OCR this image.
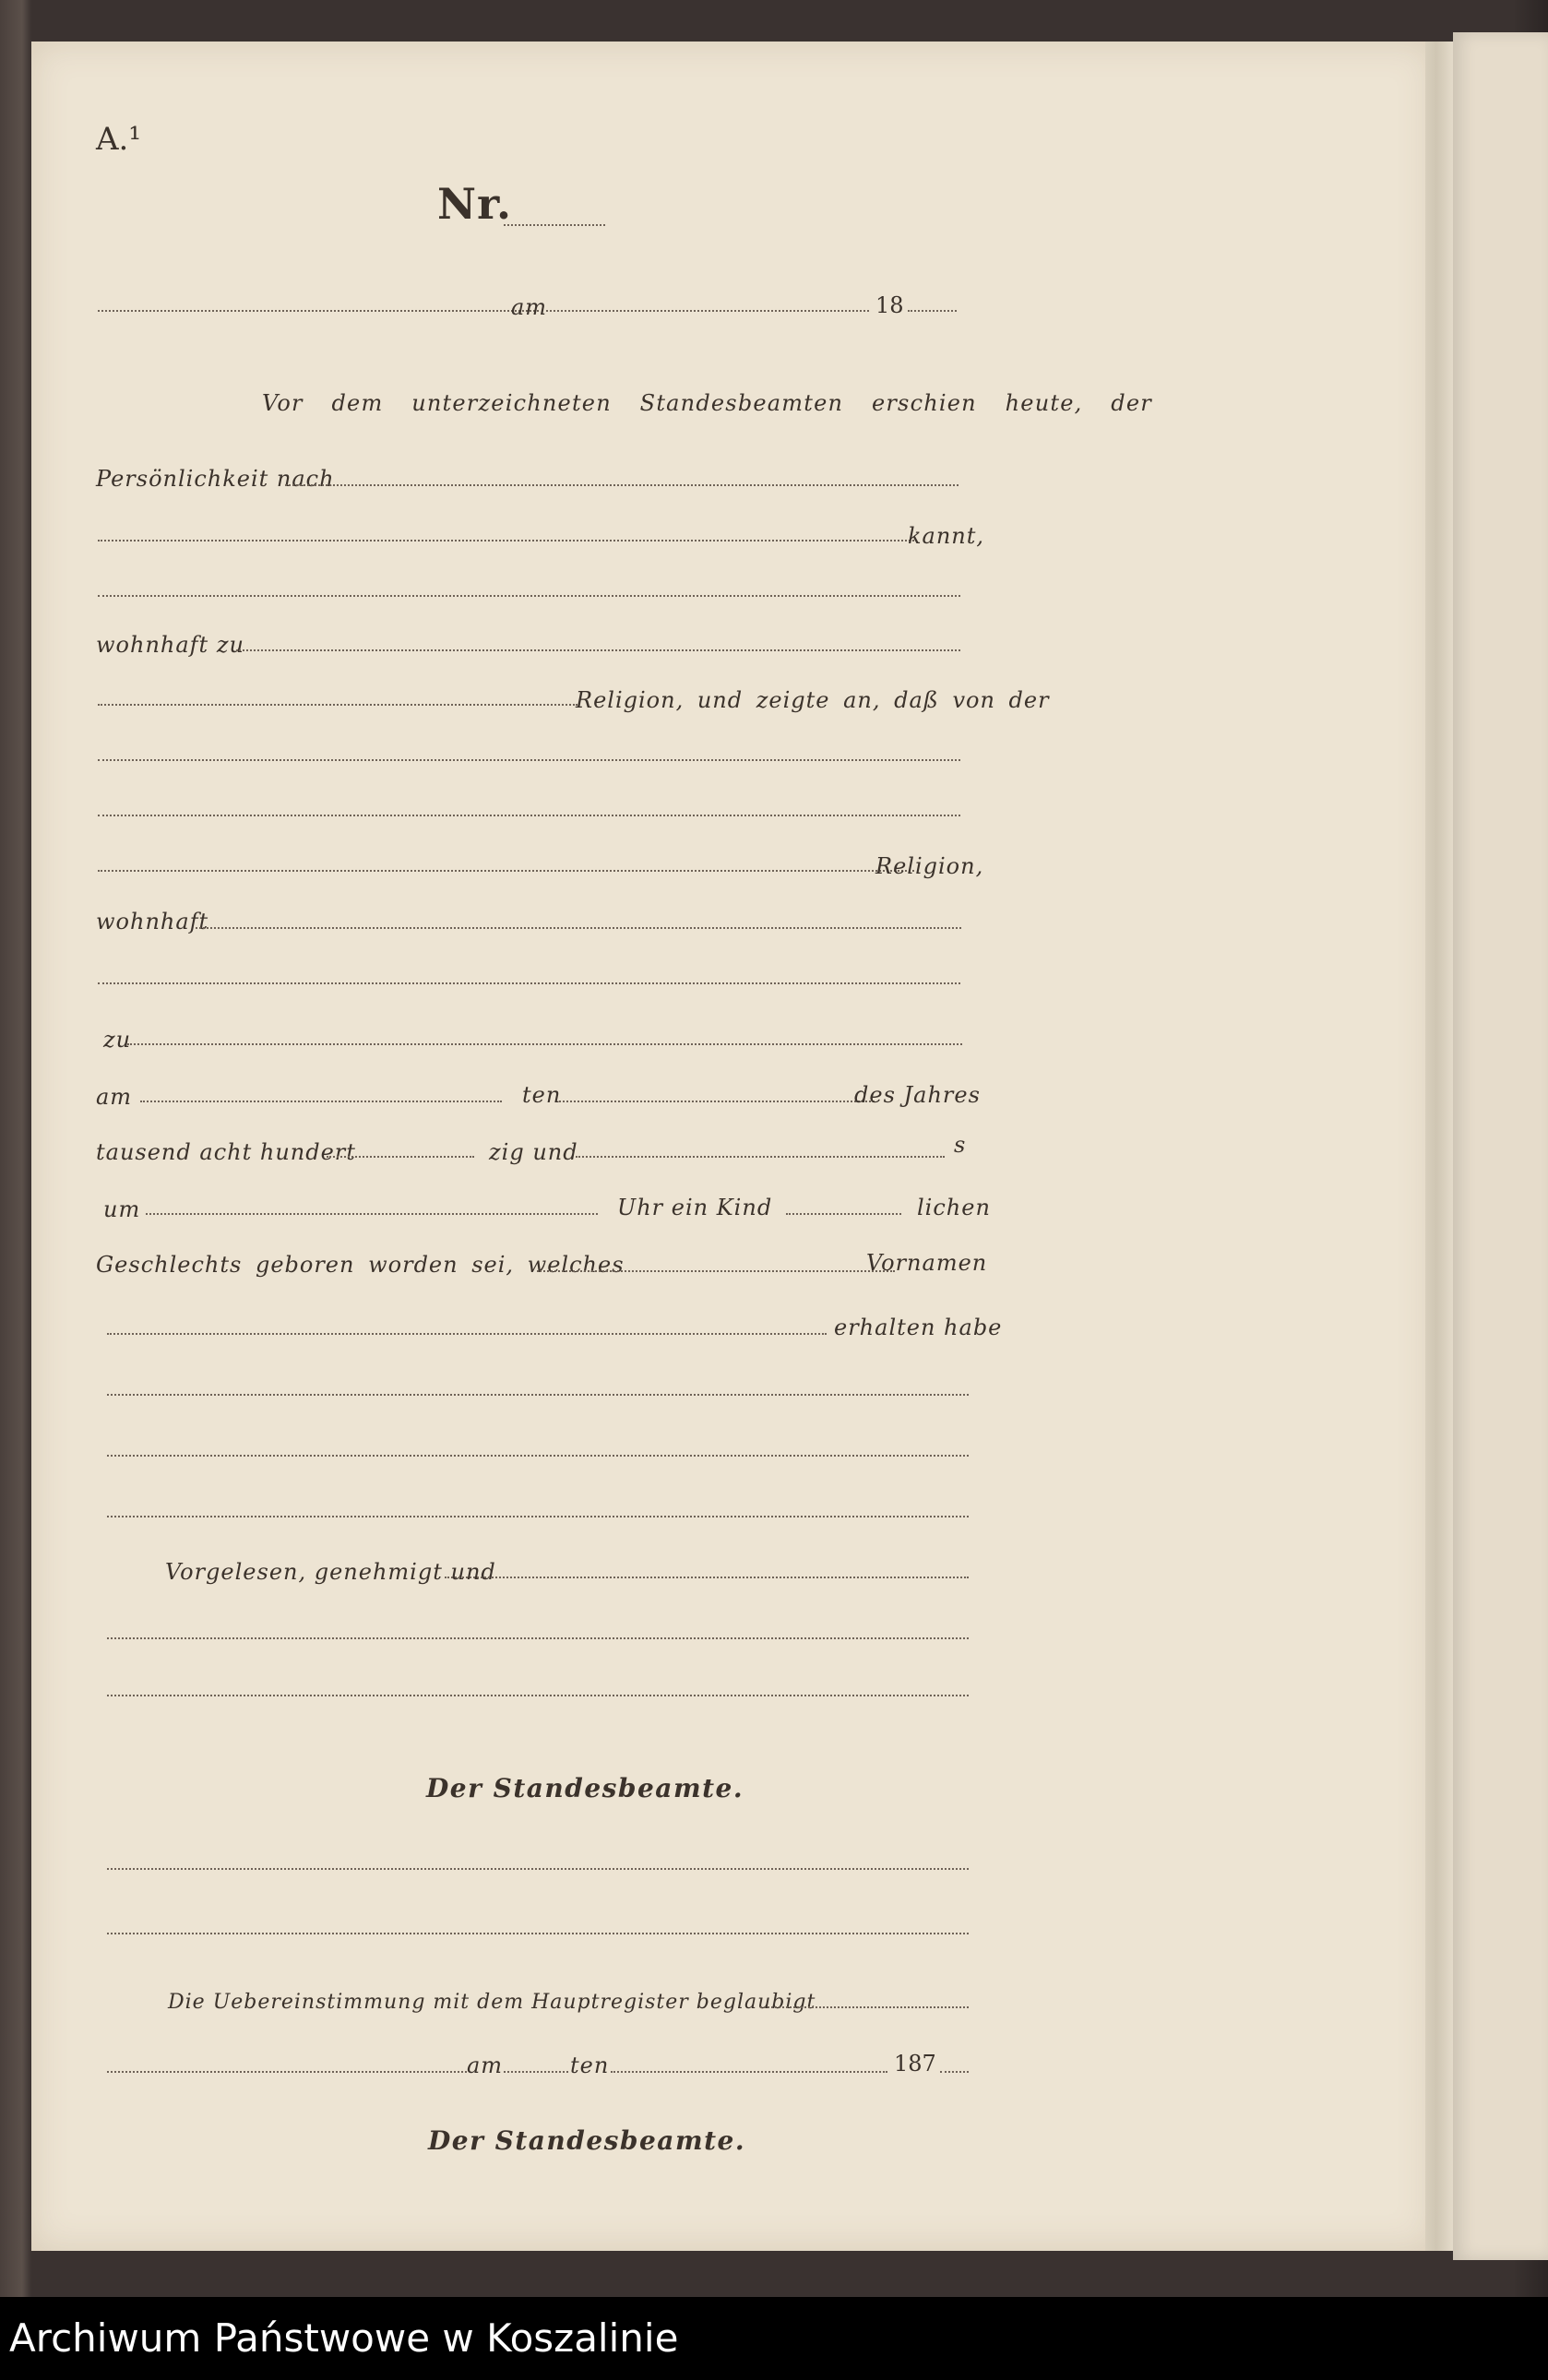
A.¹
Nr.
am	18
Vor dem unterzeichneten Standesbeamten erschien heute, der
Persönlichkeit nach
kannt,
wohnhaft zu
Religion, und zeigte an, daß von der
Religion,
wohnhaft
zu
am	ten	des Jahres
tausend acht hundert	zig und	s
um	Uhr ein Kind	lichen
Geschlechts geboren worden sei, welches	Vornamen
erhalten habe
Vorgelesen, genehmigt und
Der Standesbeamte.
Die Uebereinstimmung mit dem Hauptregister beglaubigt
am	ten	187
Der Standesbeamte.
Archiwum Państwowe w Koszalinie
